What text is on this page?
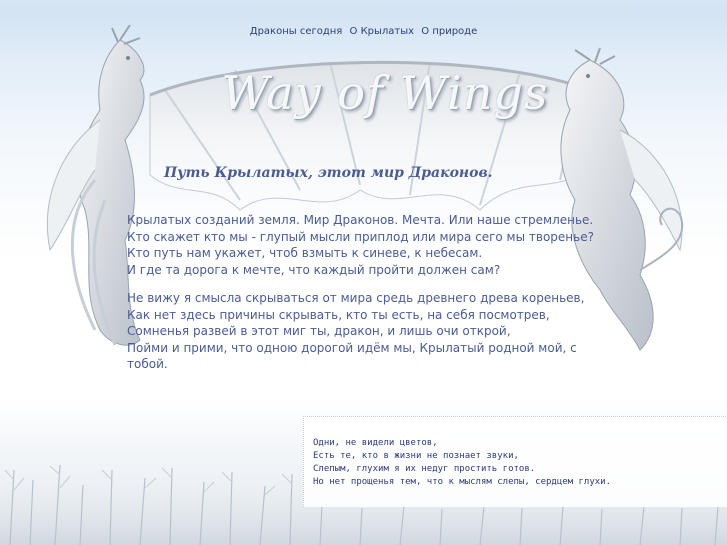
Драконы сегодня О Крылатых О природе
Way of Wings
Путь Крылатых, этот мир Драконов.
Крылатых созданий земля. Мир Драконов. Мечта. Или наше стремленье.
Кто скажет кто мы - глупый мысли приплод или мира сего мы творенье?
Кто путь нам укажет, чтоб взмыть к синеве, к небесам.
И где та дорога к мечте, что каждый пройти должен сам?
Не вижу я смысла скрываться от мира средь древнего древа кореньев,
Как нет здесь причины скрывать, кто ты есть, на себя посмотрев,
Сомненья развей в этот миг ты, дракон, и лишь очи открой,
Пойми и прими, что одною дорогой идём мы, Крылатый родной мой, с тобой.
Одни, не видели цветов,
Есть те, кто в жизни не познает звуки,
Слепым, глухим я их недуг простить готов.
Но нет прощенья тем, что к мыслям слепы, сердцем глухи.
